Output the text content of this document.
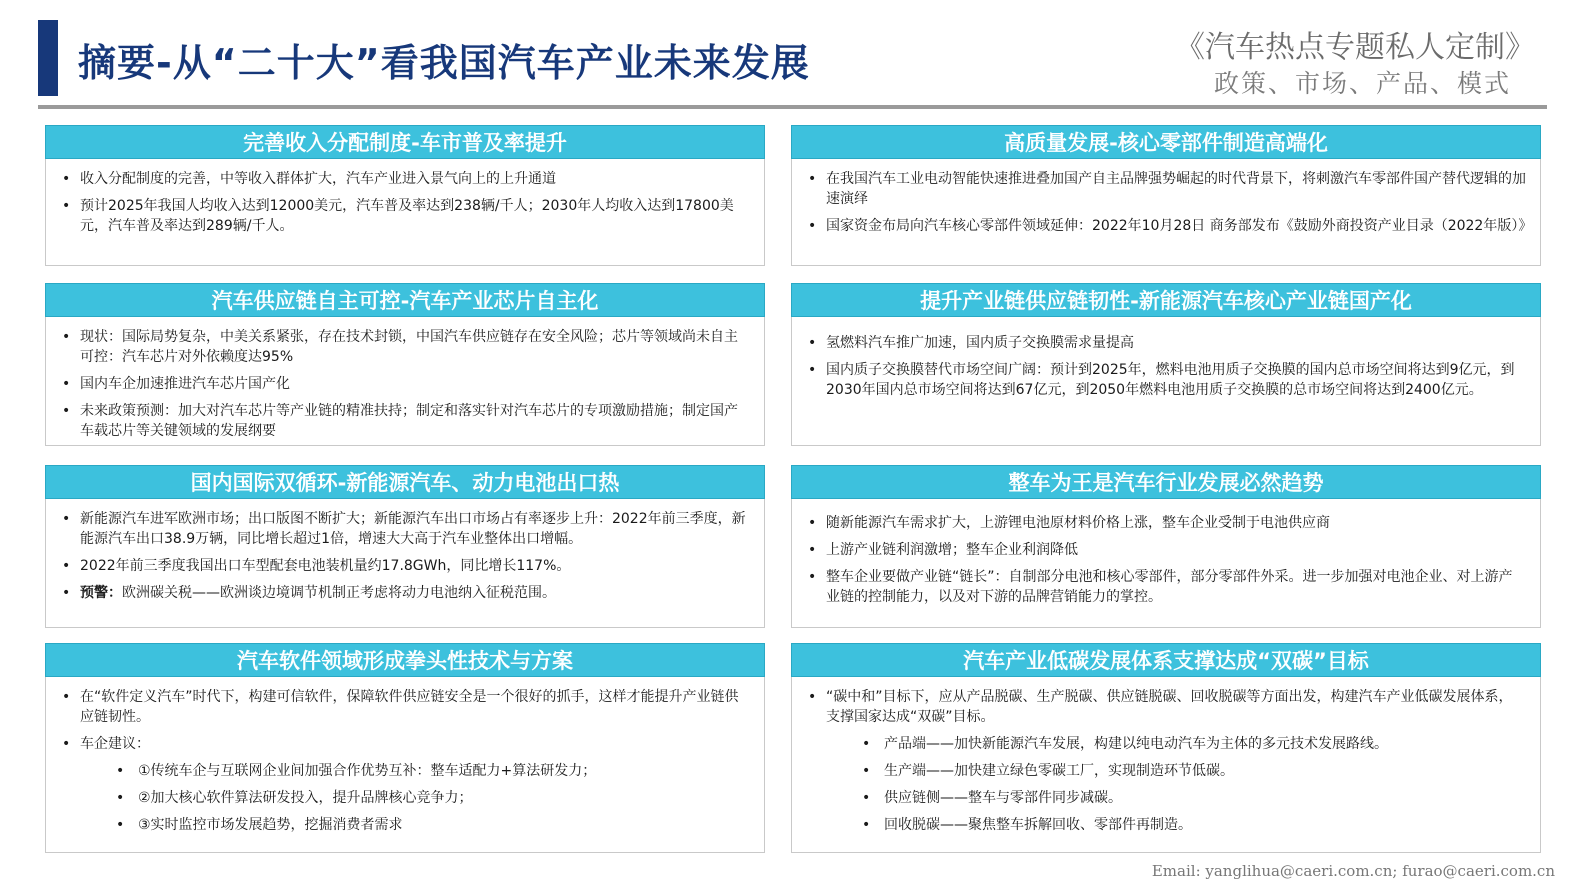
摘要-从“二十大”看我国汽车产业未来发展	《汽车热点专题私人定制》
政策、市场、产品、模式
完善收入分配制度-车市普及率提升
• 收入分配制度的完善，中等收入群体扩大，汽车产业进入景气向上的上升通道
• 预计2025年我国人均收入达到12000美元，汽车普及率达到238辆/千人；2030年人均收入达到17800美元，汽车普及率达到289辆/千人。
高质量发展-核心零部件制造高端化
• 在我国汽车工业电动智能快速推进叠加国产自主品牌强势崛起的时代背景下，将刺激汽车零部件国产替代逻辑的加速演绎
• 国家资金布局向汽车核心零部件领域延伸：2022年10月28日 商务部发布《鼓励外商投资产业目录（2022年版）》
汽车供应链自主可控-汽车产业芯片自主化
• 现状：国际局势复杂，中美关系紧张，存在技术封锁，中国汽车供应链存在安全风险；芯片等领域尚未自主可控：汽车芯片对外依赖度达95%
• 国内车企加速推进汽车芯片国产化
• 未来政策预测：加大对汽车芯片等产业链的精准扶持；制定和落实针对汽车芯片的专项激励措施；制定国产车载芯片等关键领域的发展纲要
提升产业链供应链韧性-新能源汽车核心产业链国产化
• 氢燃料汽车推广加速，国内质子交换膜需求量提高
• 国内质子交换膜替代市场空间广阔：预计到2025年，燃料电池用质子交换膜的国内总市场空间将达到9亿元，到2030年国内总市场空间将达到67亿元，到2050年燃料电池用质子交换膜的总市场空间将达到2400亿元。
国内国际双循环-新能源汽车、动力电池出口热
• 新能源汽车进军欧洲市场；出口版图不断扩大；新能源汽车出口市场占有率逐步上升：2022年前三季度，新能源汽车出口38.9万辆，同比增长超过1倍，增速大大高于汽车业整体出口增幅。
• 2022年前三季度我国出口车型配套电池装机量约17.8GWh，同比增长117%。
• 预警：欧洲碳关税——欧洲谈边境调节机制正考虑将动力电池纳入征税范围。
整车为王是汽车行业发展必然趋势
• 随新能源汽车需求扩大，上游锂电池原材料价格上涨，整车企业受制于电池供应商
• 上游产业链利润激增；整车企业利润降低
• 整车企业要做产业链“链长”：自制部分电池和核心零部件，部分零部件外采。进一步加强对电池企业、对上游产业链的控制能力，以及对下游的品牌营销能力的掌控。
汽车软件领域形成拳头性技术与方案
• 在“软件定义汽车”时代下，构建可信软件，保障软件供应链安全是一个很好的抓手，这样才能提升产业链供应链韧性。
• 车企建议：
• ①传统车企与互联网企业间加强合作优势互补：整车适配力+算法研发力；
• ②加大核心软件算法研发投入，提升品牌核心竞争力；
• ③实时监控市场发展趋势，挖掘消费者需求
汽车产业低碳发展体系支撑达成“双碳”目标
• “碳中和”目标下，应从产品脱碳、生产脱碳、供应链脱碳、回收脱碳等方面出发，构建汽车产业低碳发展体系，支撑国家达成“双碳”目标。
• 产品端——加快新能源汽车发展，构建以纯电动汽车为主体的多元技术发展路线。
• 生产端——加快建立绿色零碳工厂，实现制造环节低碳。
• 供应链侧——整车与零部件同步减碳。
• 回收脱碳——聚焦整车拆解回收、零部件再制造。
Email: yanglihua@caeri.com.cn; furao@caeri.com.cn
